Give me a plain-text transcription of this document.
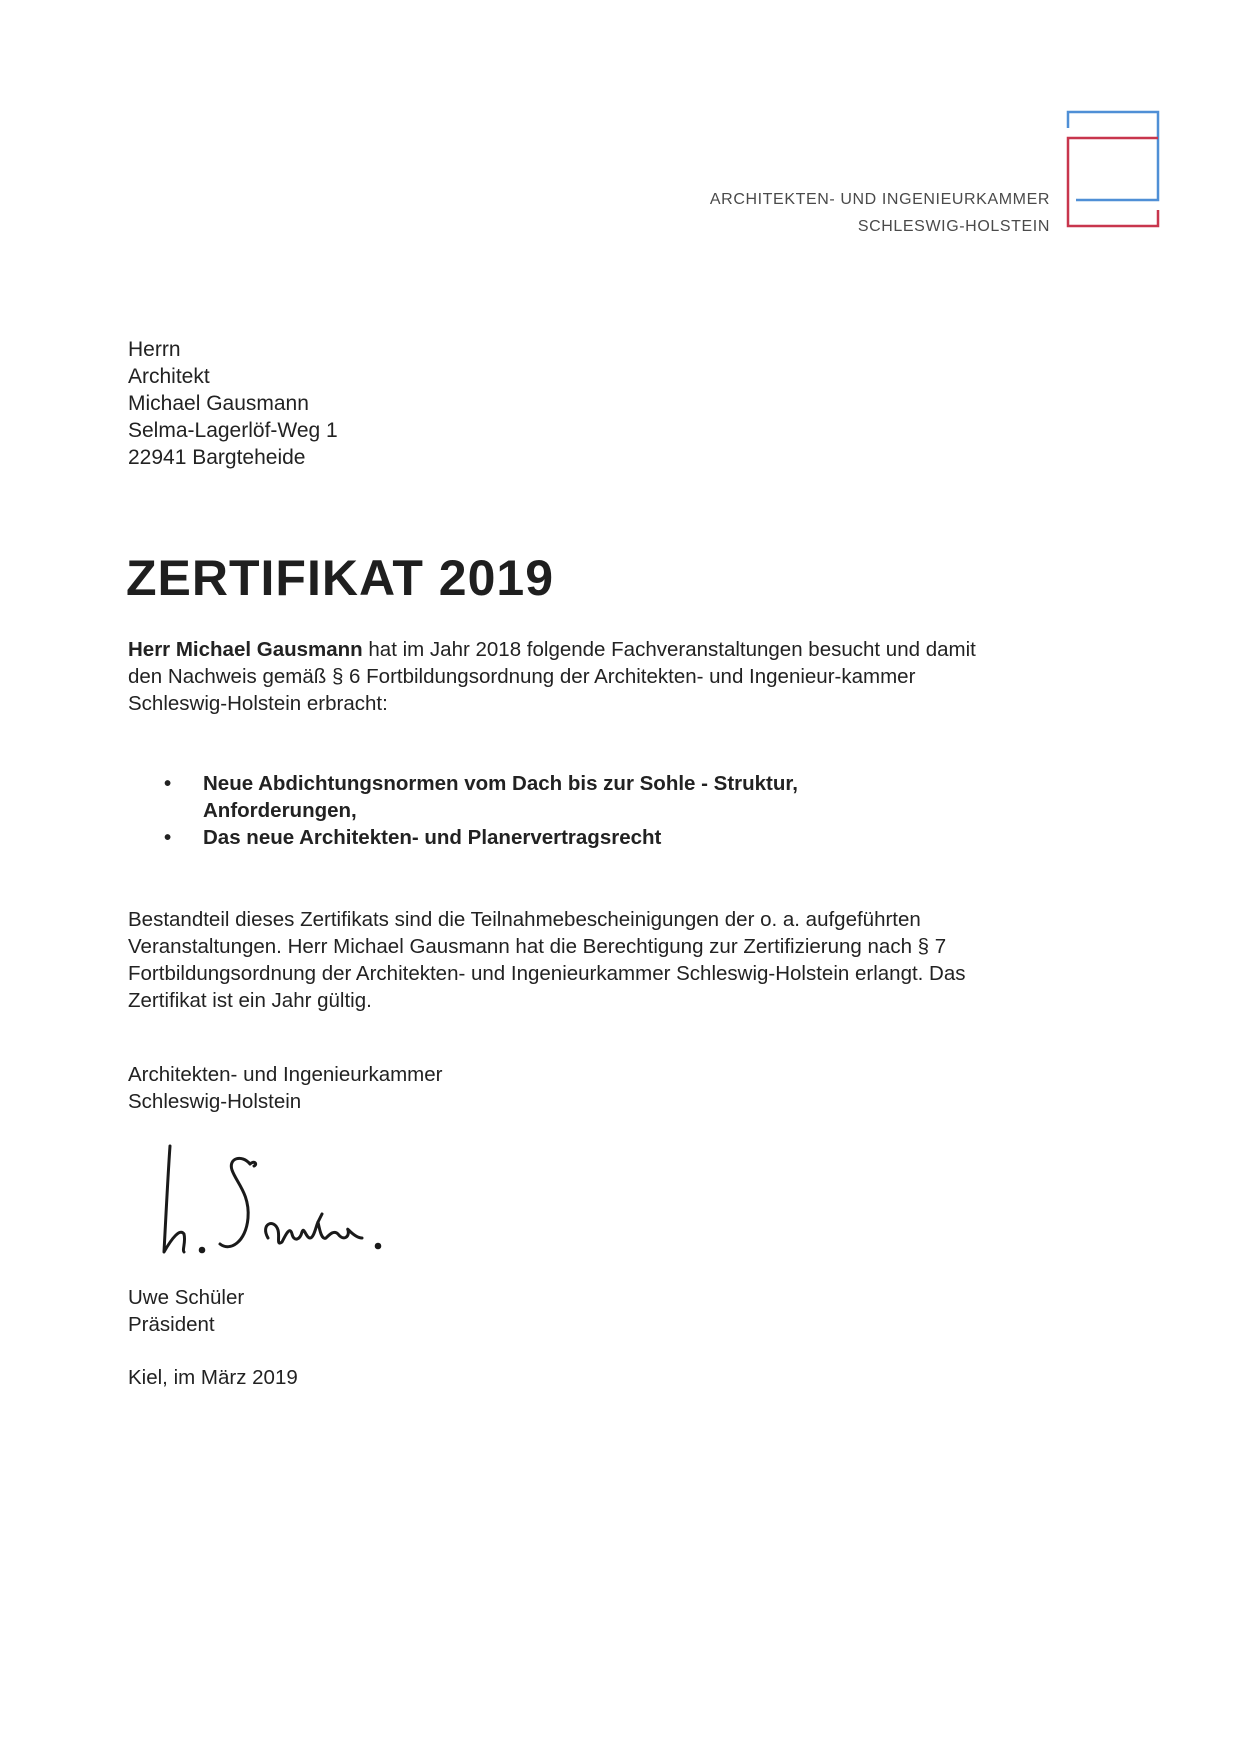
ARCHITEKTEN- UND INGENIEURKAMMER
SCHLESWIG-HOLSTEIN
Herrn
Architekt
Michael Gausmann
Selma-Lagerlöf-Weg 1
22941 Bargteheide
ZERTIFIKAT 2019

Herr Michael Gausmann hat im Jahr 2018 folgende Fachveranstaltungen besucht und damit den Nachweis gemäß § 6 Fortbildungsordnung der Architekten- und Ingenieur-kammer Schleswig-Holstein erbracht:

• Neue Abdichtungsnormen vom Dach bis zur Sohle - Struktur, Anforderungen,
• Das neue Architekten- und Planervertragsrecht

Bestandteil dieses Zertifikats sind die Teilnahmebescheinigungen der o. a. aufgeführten Veranstaltungen. Herr Michael Gausmann hat die Berechtigung zur Zertifizierung nach § 7 Fortbildungsordnung der Architekten- und Ingenieurkammer Schleswig-Holstein erlangt. Das Zertifikat ist ein Jahr gültig.

Architekten- und Ingenieurkammer
Schleswig-Holstein
Uwe Schüler
Präsident
Kiel, im März 2019
